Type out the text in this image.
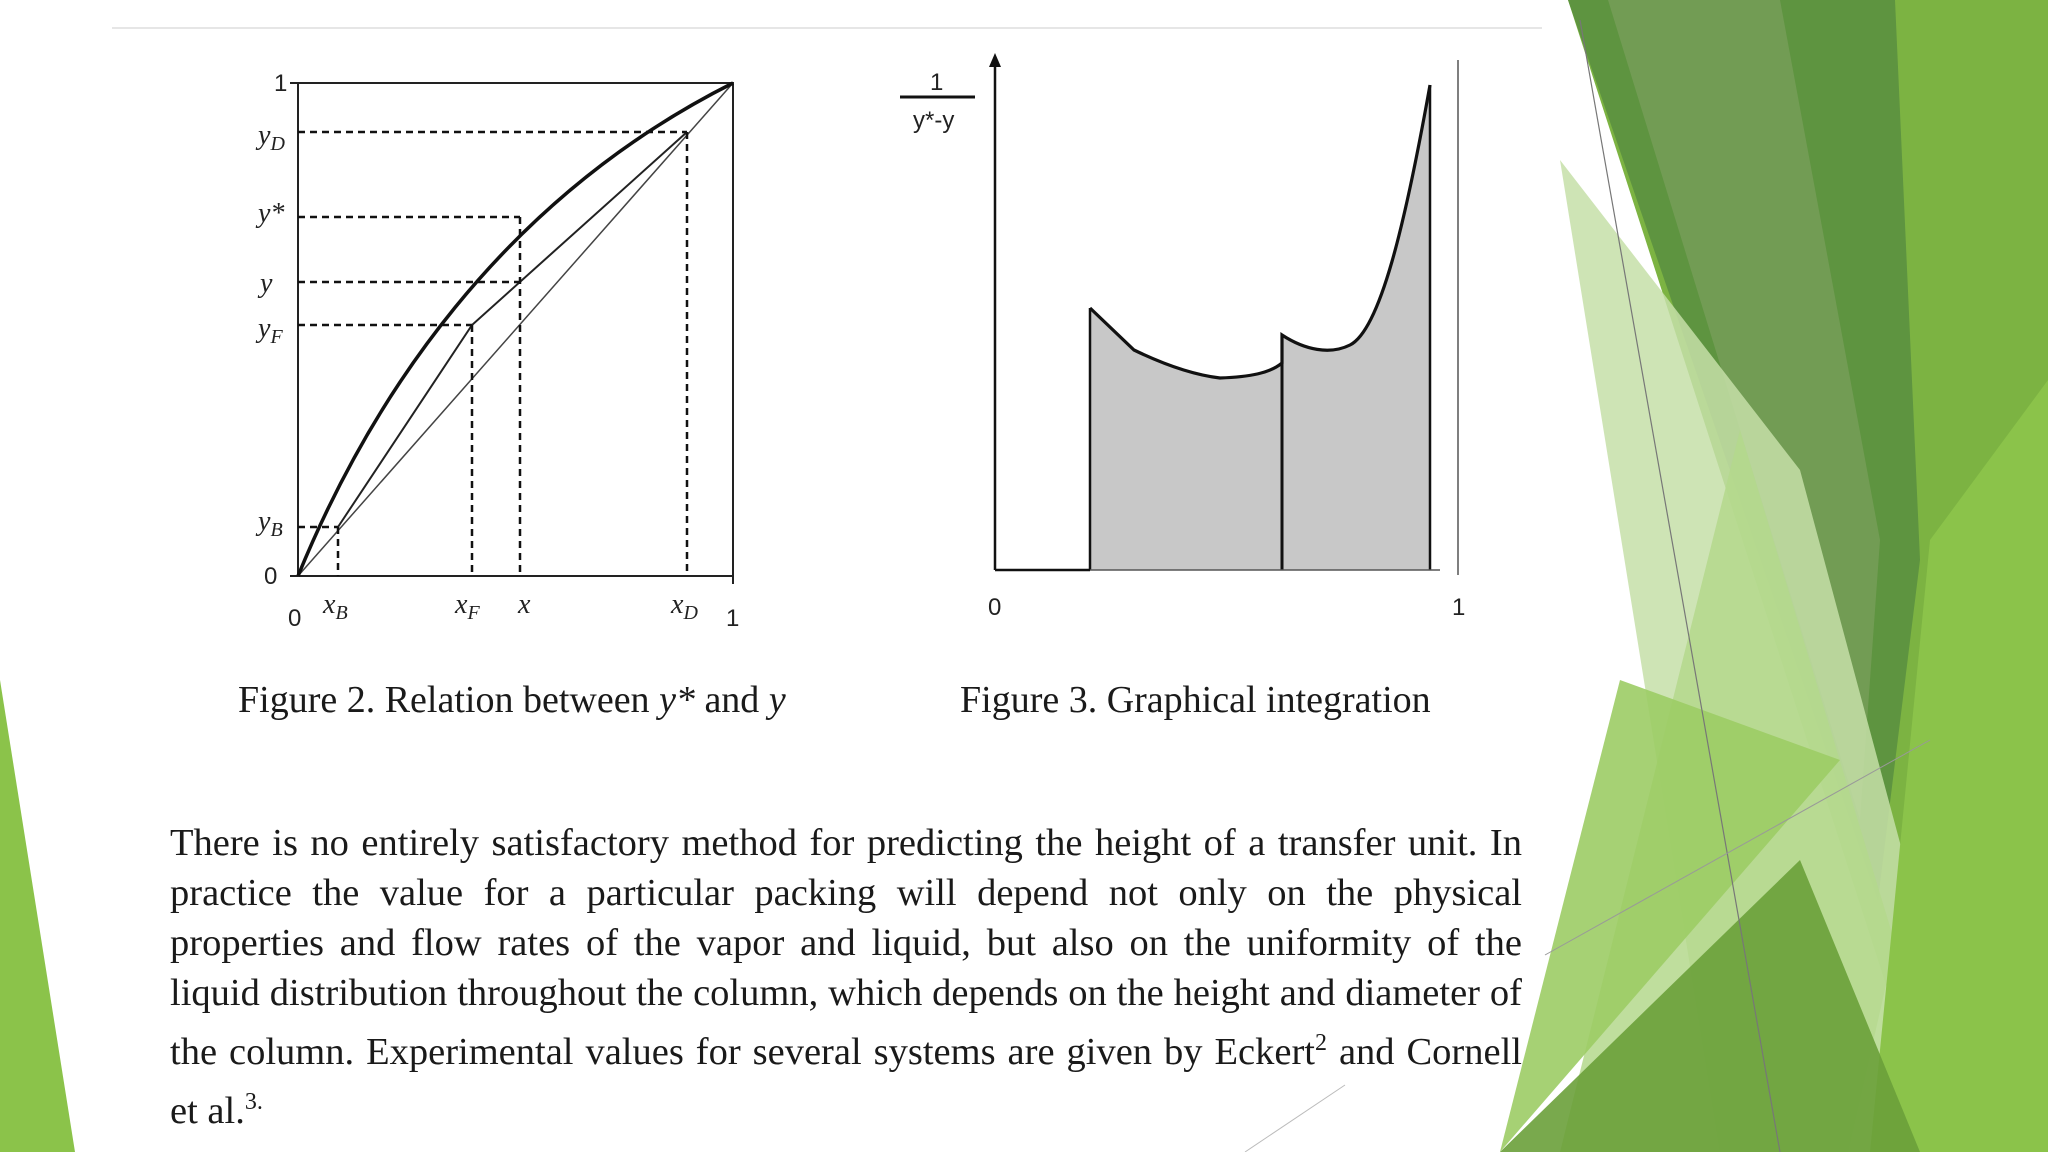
1
0
0	1
$y_D$
y*
y
$y_F$
$y_B$
$x_B$	$x_F$ x	$x_D$
1
y*-y
0	1
Figure 2. Relation between y* and y	Figure 3. Graphical integration
There is no entirely satisfactory method for predicting the height of a transfer unit. In practice the value for a particular packing will depend not only on the physical properties and flow rates of the vapor and liquid, but also on the uniformity of the liquid distribution throughout the column, which depends on the height and diameter of the column. Experimental values for several systems are given by Eckert$^2$ and Cornell et al.$^{3.}$
